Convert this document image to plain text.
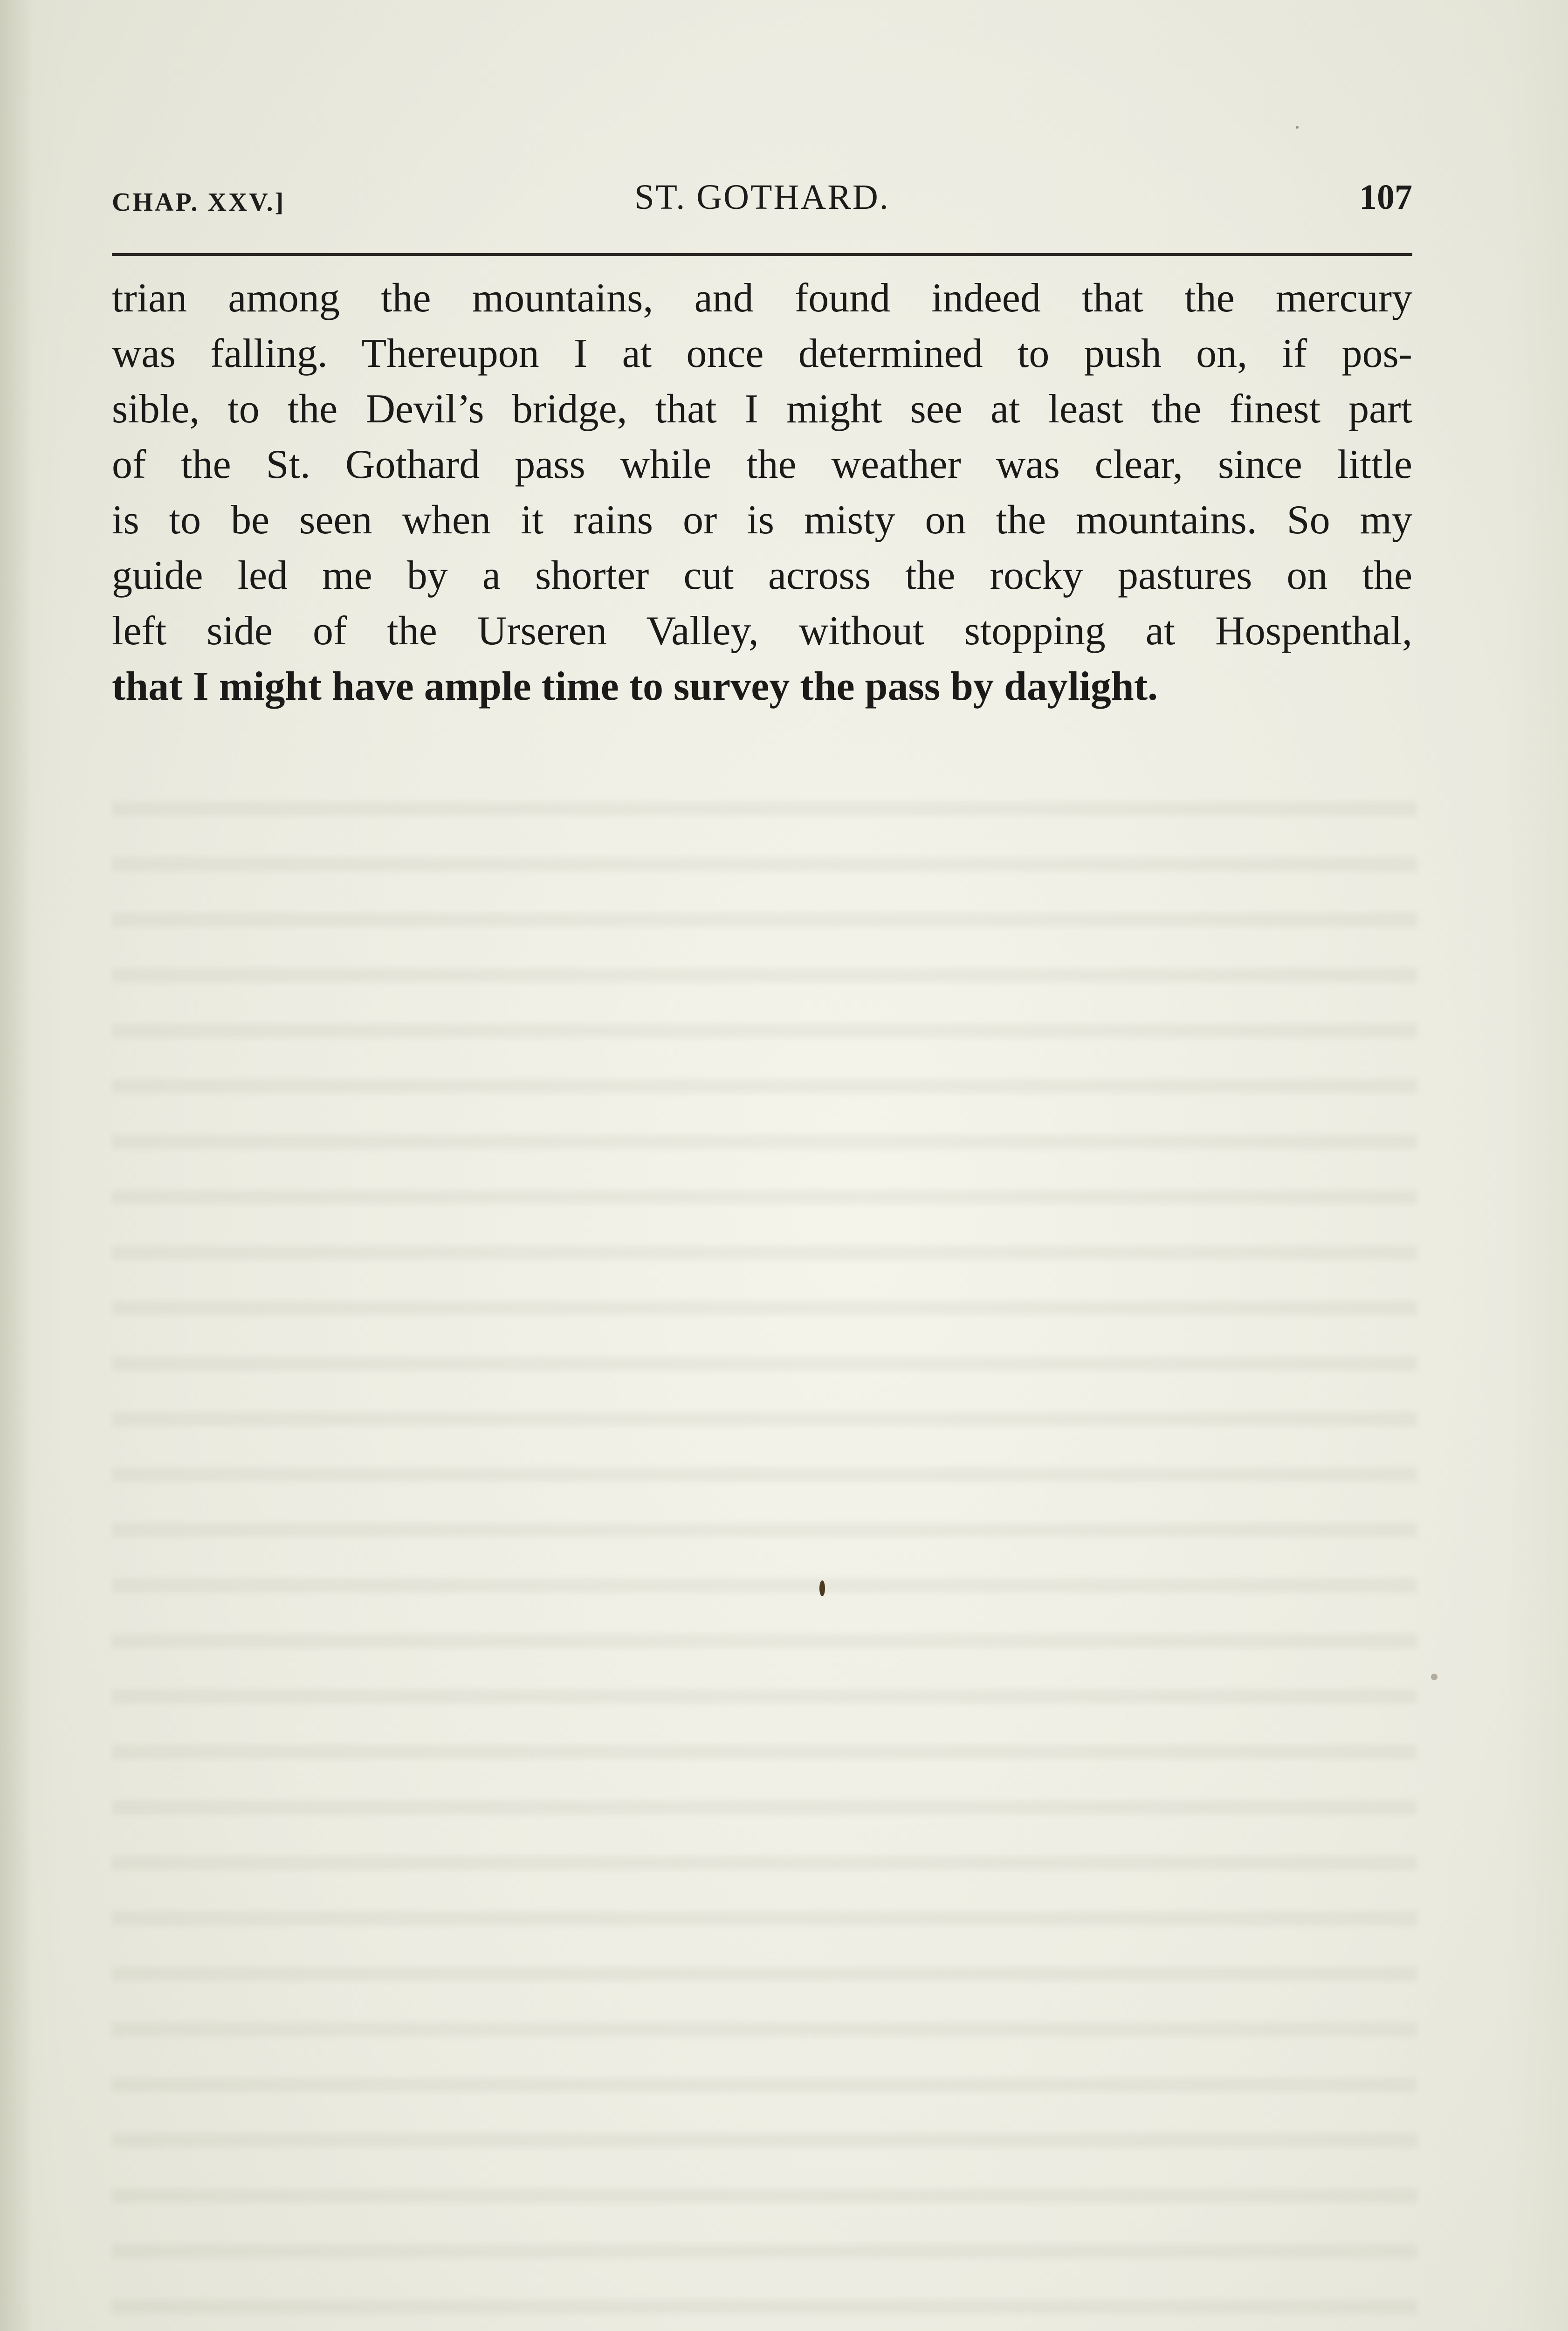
CHAP. XXV.]	ST. GOTHARD.	107
trian among the mountains, and found indeed that the mercury
was falling. Thereupon I at once determined to push on, if pos-
sible, to the Devil’s bridge, that I might see at least the finest part
of the St. Gothard pass while the weather was clear, since little
is to be seen when it rains or is misty on the mountains. So my
guide led me by a shorter cut across the rocky pastures on the
left side of the Urseren Valley, without stopping at Hospenthal,
that I might have ample time to survey the pass by daylight.
